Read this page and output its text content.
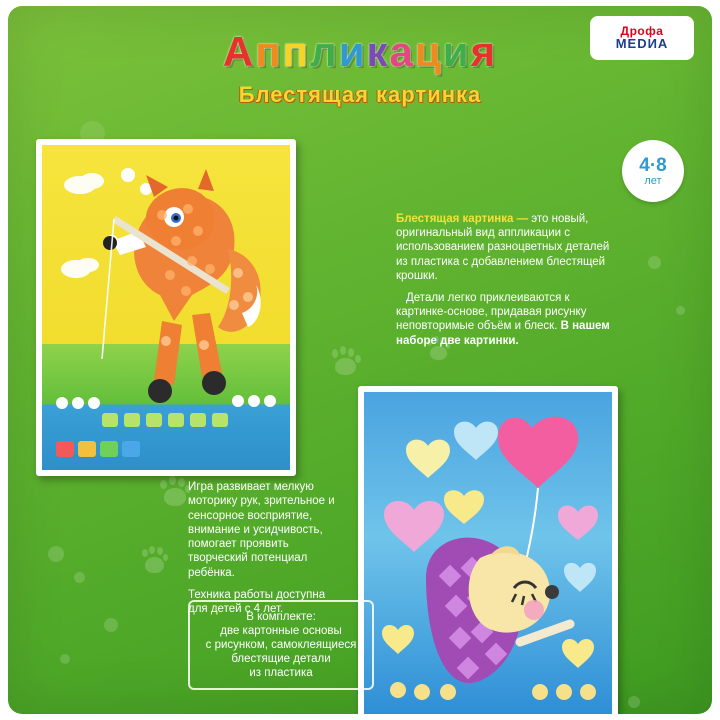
Дрофа
МЕDИА
Аппликация
Блестящая картинка
4·8
лет

Блестящая картинка — это новый, оригинальный вид аппликации с использованием разноцветных деталей из пластика с добавлением блестящей крошки.

Детали легко приклеиваются к картинке-основе, придавая рисунку неповторимые объём и блеск. В нашем наборе две картинки.

Игра развивает мелкую моторику рук, зрительное и сенсорное восприятие, внимание и усидчивость, помогает проявить творческий потенциал ребёнка.

Техника работы доступна для детей с 4 лет.

В комплекте:
две картонные основы
с рисунком, самоклеящиеся
блестящие детали
из пластика
